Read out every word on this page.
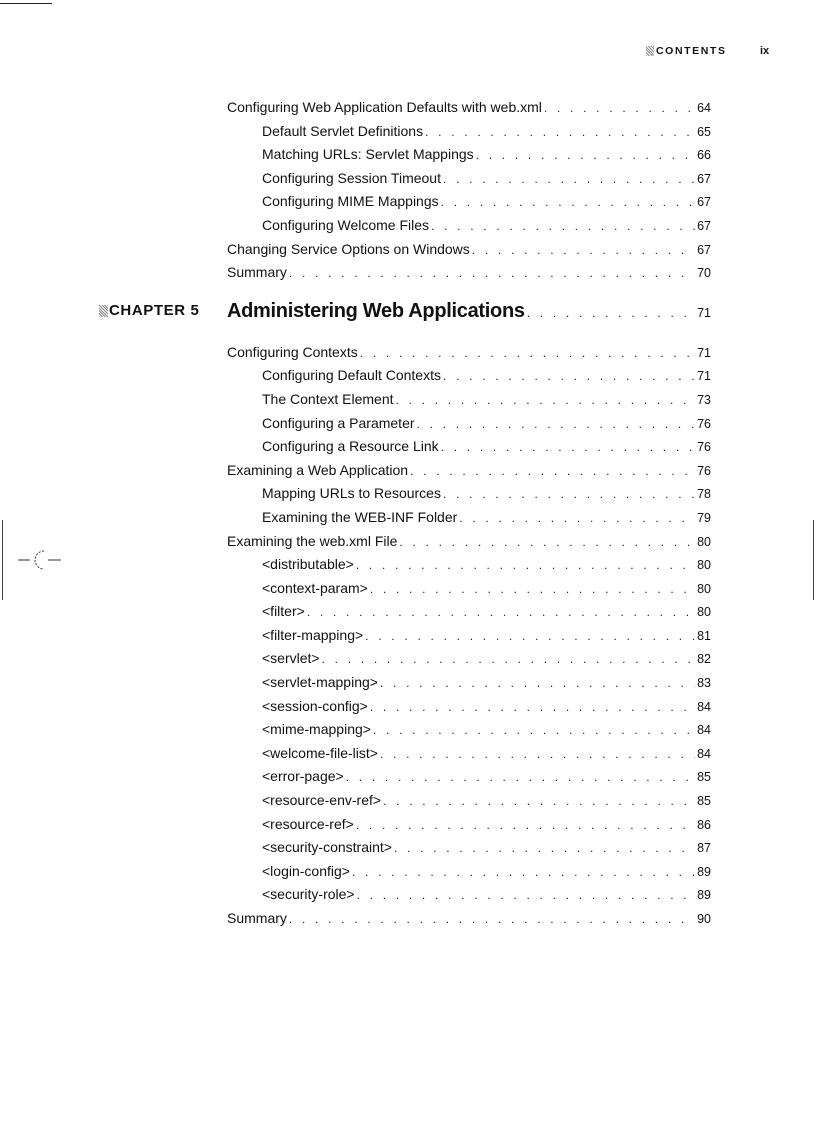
CONTENTS	ix
Configuring Web Application Defaults with web.xml . . .	64
Default Servlet Definitions . . .	65
Matching URLs: Servlet Mappings . . .	66
Configuring Session Timeout . . .	67
Configuring MIME Mappings . . .	67
Configuring Welcome Files . . .	67
Changing Service Options on Windows . . .	67
Summary . . .	70
CHAPTER 5 Administering Web Applications . . .	71
Configuring Contexts . . .	71
Configuring Default Contexts . . .	71
The Context Element . . .	73
Configuring a Parameter . . .	76
Configuring a Resource Link . . .	76
Examining a Web Application . . .	76
Mapping URLs to Resources . . .	78
Examining the WEB-INF Folder . . .	79
Examining the web.xml File . . .	80
<distributable> . . .	80
<context-param> . . .	80
<filter> . . .	80
<filter-mapping> . . .	81
<servlet> . . .	82
<servlet-mapping> . . .	83
<session-config> . . .	84
<mime-mapping> . . .	84
<welcome-file-list> . . .	84
<error-page> . . .	85
<resource-env-ref> . . .	85
<resource-ref> . . .	86
<security-constraint> . . .	87
<login-config> . . .	89
<security-role> . . .	89
Summary . . .	90
